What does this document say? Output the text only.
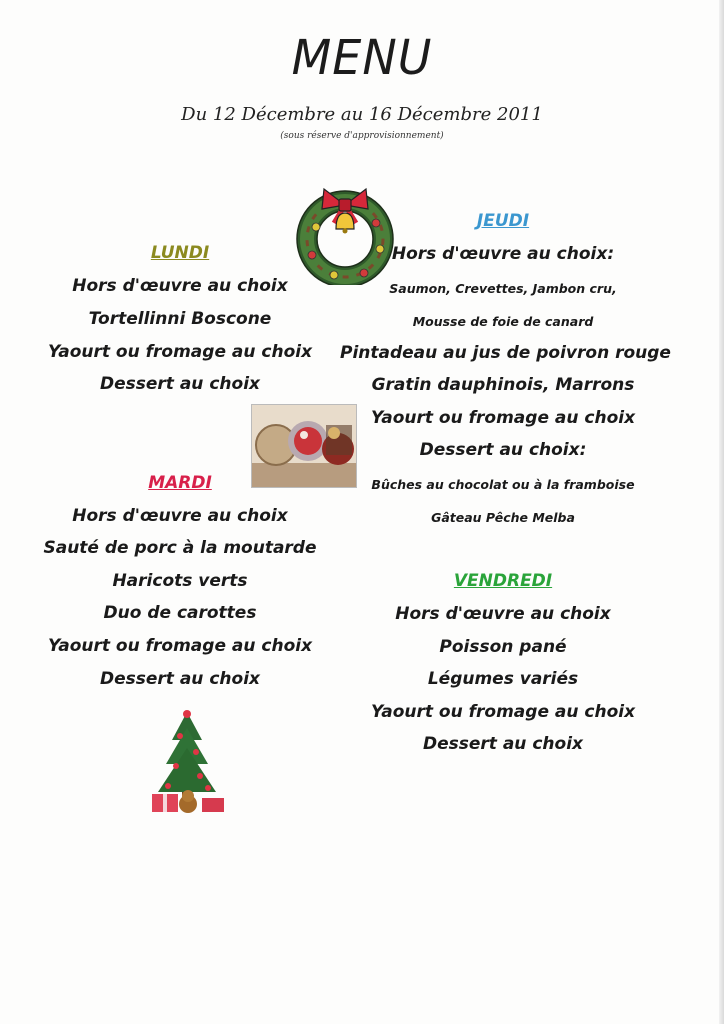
MENU
Du 12 Décembre au 16 Décembre 2011
(sous réserve d'approvisionnement)
LUNDI
Hors d'œuvre au choix
Tortellinni Boscone
Yaourt ou fromage au choix
Dessert au choix
MARDI
Hors d'œuvre au choix
Sauté de porc à la moutarde
Haricots verts
Duo de carottes
Yaourt ou fromage au choix
Dessert au choix
JEUDI
Hors d'œuvre au choix:
Saumon, Crevettes, Jambon cru,
Mousse de foie de canard
Pintadeau au jus de poivron rouge
Gratin dauphinois, Marrons
Yaourt ou fromage au choix
Dessert au choix:
Bûches au chocolat ou à la framboise
Gâteau Pêche Melba
VENDREDI
Hors d'œuvre au choix
Poisson pané
Légumes variés
Yaourt ou fromage au choix
Dessert au choix
